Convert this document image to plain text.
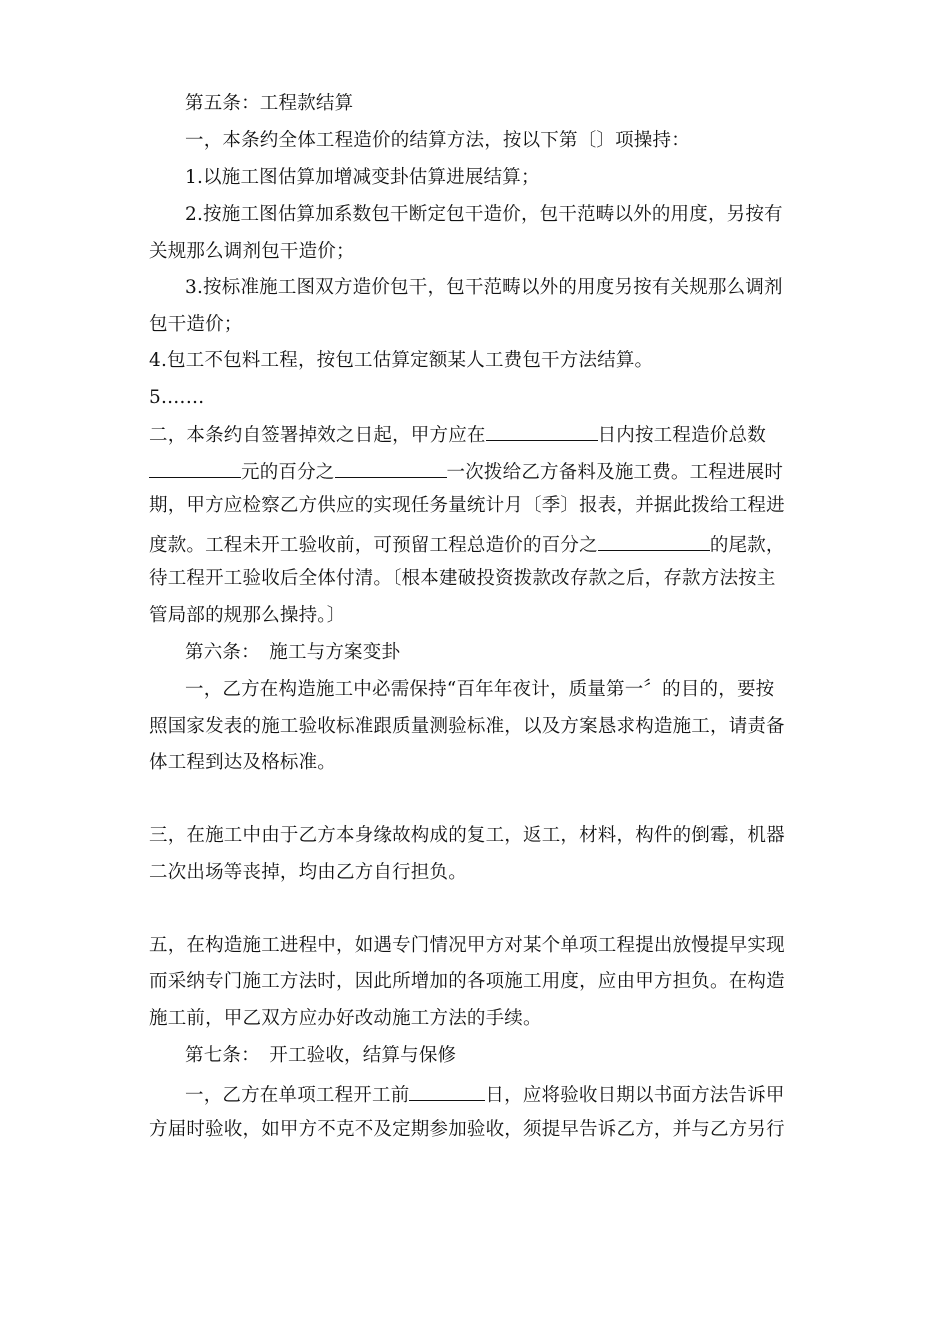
第五条：工程款结算
一，本条约全体工程造价的结算方法，按以下第〔〕项操持：
1.以施工图估算加增减变卦估算进展结算；
2.按施工图估算加系数包干断定包干造价，包干范畴以外的用度，另按有
关规那么调剂包干造价；
3.按标准施工图双方造价包干，包干范畴以外的用度另按有关规那么调剂
包干造价；
4.包工不包料工程，按包工估算定额某人工费包干方法结算。
5.……
二，本条约自签署掉效之日起，甲方应在	日内按工程造价总数
元的百分之	一次拨给乙方备料及施工费。工程进展时
期，甲方应检察乙方供应的实现任务量统计月〔季〕报表，并据此拨给工程进
度款。工程未开工验收前，可预留工程总造价的百分之	的尾款，
待工程开工验收后全体付清。〔根本建破投资拨款改存款之后，存款方法按主
管局部的规那么操持。〕
第六条：　施工与方案变卦
一，乙方在构造施工中必需保持“百年年夜计，质量第一〞的目的，要按
照国家发表的施工验收标准跟质量测验标准，以及方案恳求构造施工，请责备
体工程到达及格标准。
三，在施工中由于乙方本身缘故构成的复工，返工，材料，构件的倒霉，机器
二次出场等丧掉，均由乙方自行担负。
五，在构造施工进程中，如遇专门情况甲方对某个单项工程提出放慢提早实现
而采纳专门施工方法时，因此所增加的各项施工用度，应由甲方担负。在构造
施工前，甲乙双方应办好改动施工方法的手续。
第七条：　开工验收，结算与保修
一，乙方在单项工程开工前	日，应将验收日期以书面方法告诉甲
方届时验收，如甲方不克不及定期参加验收，须提早告诉乙方，并与乙方另行
